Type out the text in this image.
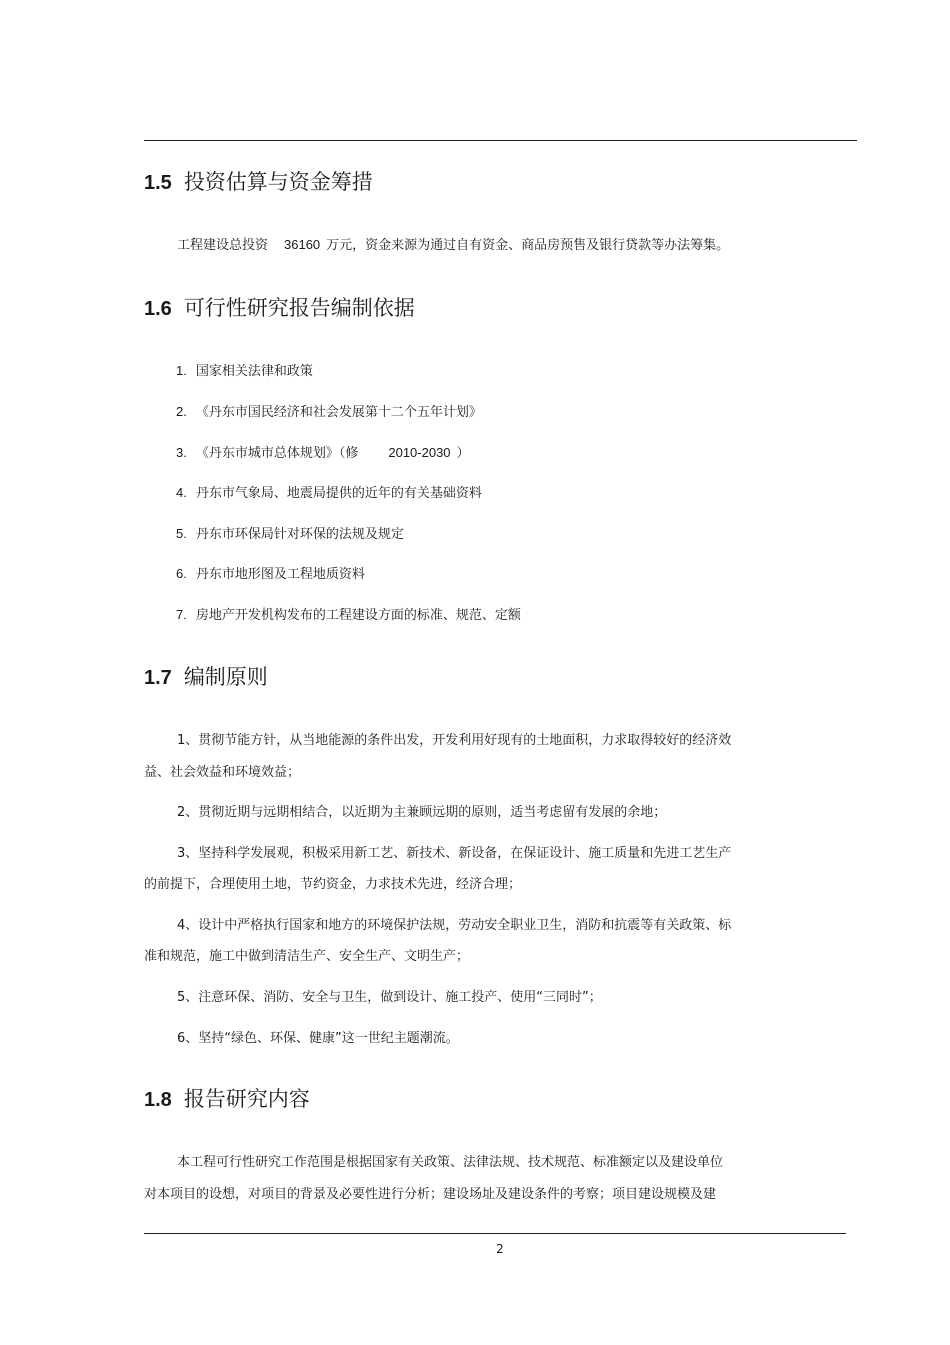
1.5 投资估算与资金筹措
工程建设总投资 36160 万元，资金来源为通过自有资金、商品房预售及银行贷款等办法筹集。
1.6 可行性研究报告编制依据
1. 国家相关法律和政策
2. 《丹东市国民经济和社会发展第十二个五年计划》
3. 《丹东市城市总体规划》（修 2010-2030 ）
4. 丹东市气象局、地震局提供的近年的有关基础资料
5. 丹东市环保局针对环保的法规及规定
6. 丹东市地形图及工程地质资料
7. 房地产开发机构发布的工程建设方面的标准、规范、定额
1.7 编制原则
1、贯彻节能方针，从当地能源的条件出发，开发利用好现有的土地面积，力求取得较好的经济效
益、社会效益和环境效益；
2、贯彻近期与远期相结合，以近期为主兼顾远期的原则，适当考虑留有发展的余地；
3、坚持科学发展观，积极采用新工艺、新技术、新设备，在保证设计、施工质量和先进工艺生产
的前提下，合理使用土地，节约资金，力求技术先进，经济合理；
4、设计中严格执行国家和地方的环境保护法规，劳动安全职业卫生，消防和抗震等有关政策、标
准和规范，施工中做到清洁生产、安全生产、文明生产；
5、注意环保、消防、安全与卫生，做到设计、施工投产、使用“三同时”；
6、坚持“绿色、环保、健康”这一世纪主题潮流。
1.8 报告研究内容
本工程可行性研究工作范围是根据国家有关政策、法律法规、技术规范、标准额定以及建设单位
对本项目的设想，对项目的背景及必要性进行分析；建设场址及建设条件的考察；项目建设规模及建
2
